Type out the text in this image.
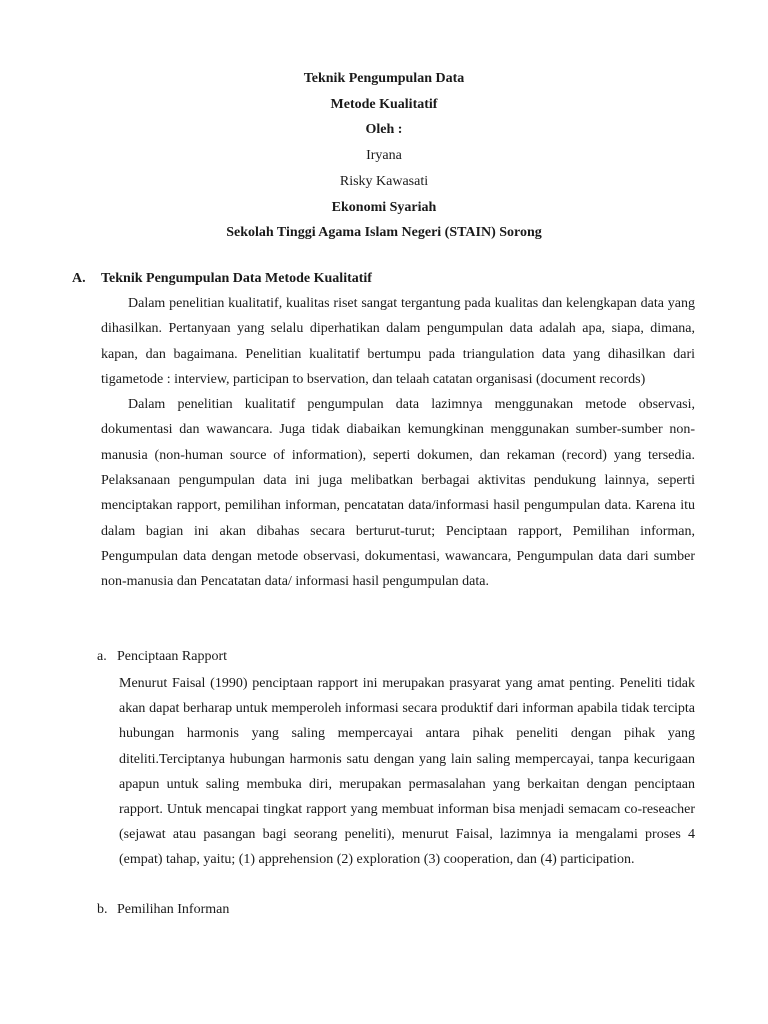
Teknik Pengumpulan Data
Metode Kualitatif
Oleh :
Iryana
Risky Kawasati
Ekonomi Syariah
Sekolah Tinggi Agama Islam Negeri (STAIN) Sorong
A. Teknik Pengumpulan Data Metode Kualitatif

Dalam penelitian kualitatif, kualitas riset sangat tergantung pada kualitas dan kelengkapan data yang dihasilkan. Pertanyaan yang selalu diperhatikan dalam pengumpulan data adalah apa, siapa, dimana, kapan, dan bagaimana. Penelitian kualitatif bertumpu pada triangulation data yang dihasilkan dari tigametode : interview, participan to bservation, dan telaah catatan organisasi (document records)

Dalam penelitian kualitatif pengumpulan data lazimnya menggunakan metode observasi, dokumentasi dan wawancara. Juga tidak diabaikan kemungkinan menggunakan sumber-sumber non-manusia (non-human source of information), seperti dokumen, dan rekaman (record) yang tersedia. Pelaksanaan pengumpulan data ini juga melibatkan berbagai aktivitas pendukung lainnya, seperti menciptakan rapport, pemilihan informan, pencatatan data/informasi hasil pengumpulan data. Karena itu dalam bagian ini akan dibahas secara berturut-turut; Penciptaan rapport, Pemilihan informan, Pengumpulan data dengan metode observasi, dokumentasi, wawancara, Pengumpulan data dari sumber non-manusia dan Pencatatan data/ informasi hasil pengumpulan data.

a. Penciptaan Rapport

Menurut Faisal (1990) penciptaan rapport ini merupakan prasyarat yang amat penting. Peneliti tidak akan dapat berharap untuk memperoleh informasi secara produktif dari informan apabila tidak tercipta hubungan harmonis yang saling mempercayai antara pihak peneliti dengan pihak yang diteliti.Terciptanya hubungan harmonis satu dengan yang lain saling mempercayai, tanpa kecurigaan apapun untuk saling membuka diri, merupakan permasalahan yang berkaitan dengan penciptaan rapport. Untuk mencapai tingkat rapport yang membuat informan bisa menjadi semacam co-reseacher (sejawat atau pasangan bagi seorang peneliti), menurut Faisal, lazimnya ia mengalami proses 4 (empat) tahap, yaitu; (1) apprehension (2) exploration (3) cooperation, dan (4) participation.

b. Pemilihan Informan
